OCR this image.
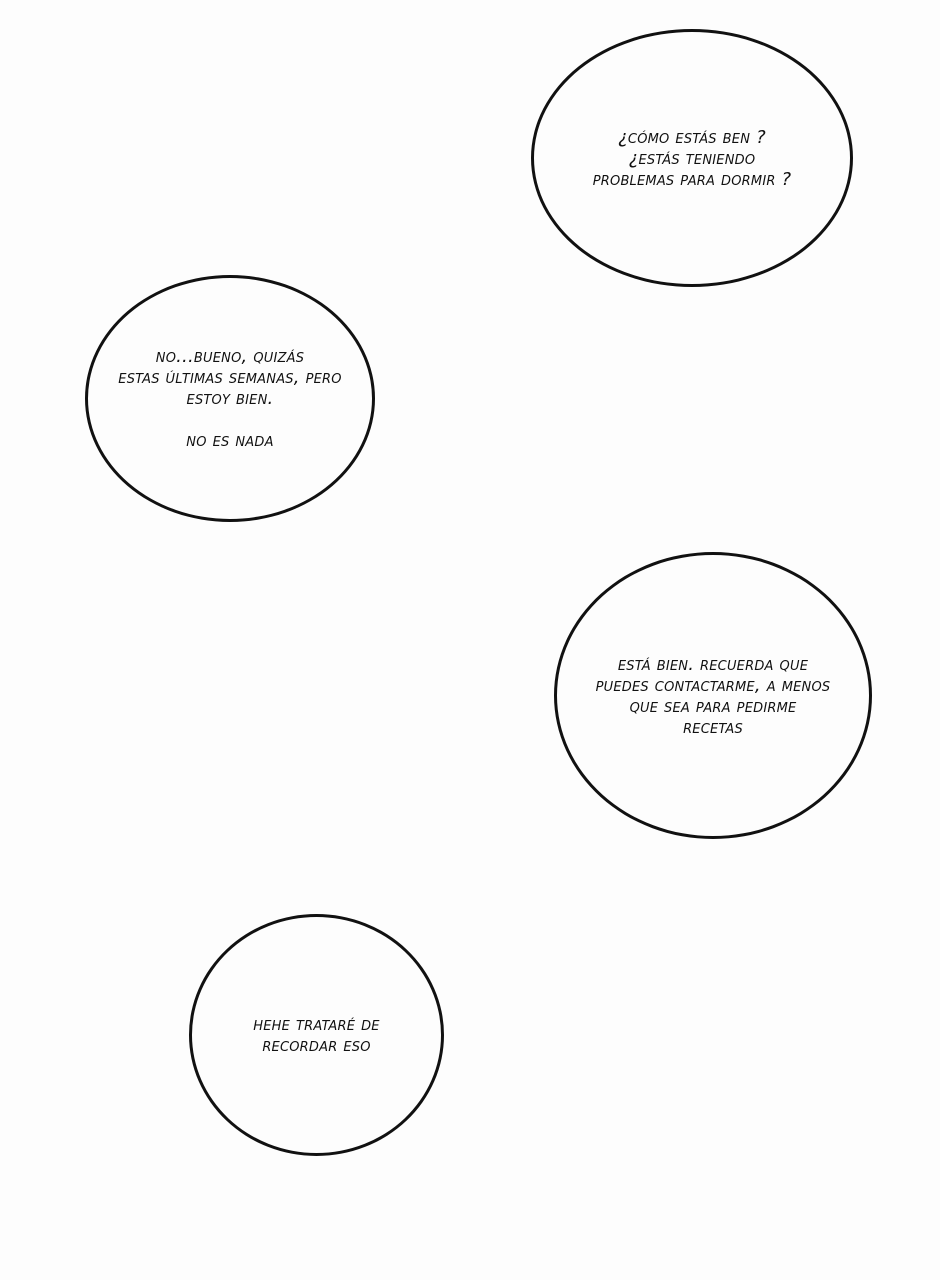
¿cómo estás ben ?
¿estás teniendo
problemas para dormir ?
no...bueno, quizás
estas últimas semanas, pero
estoy bien.

no es nada
está bien. recuerda que
puedes contactarme, a menos
que sea para pedirme
recetas
hehe trataré de
recordar eso
